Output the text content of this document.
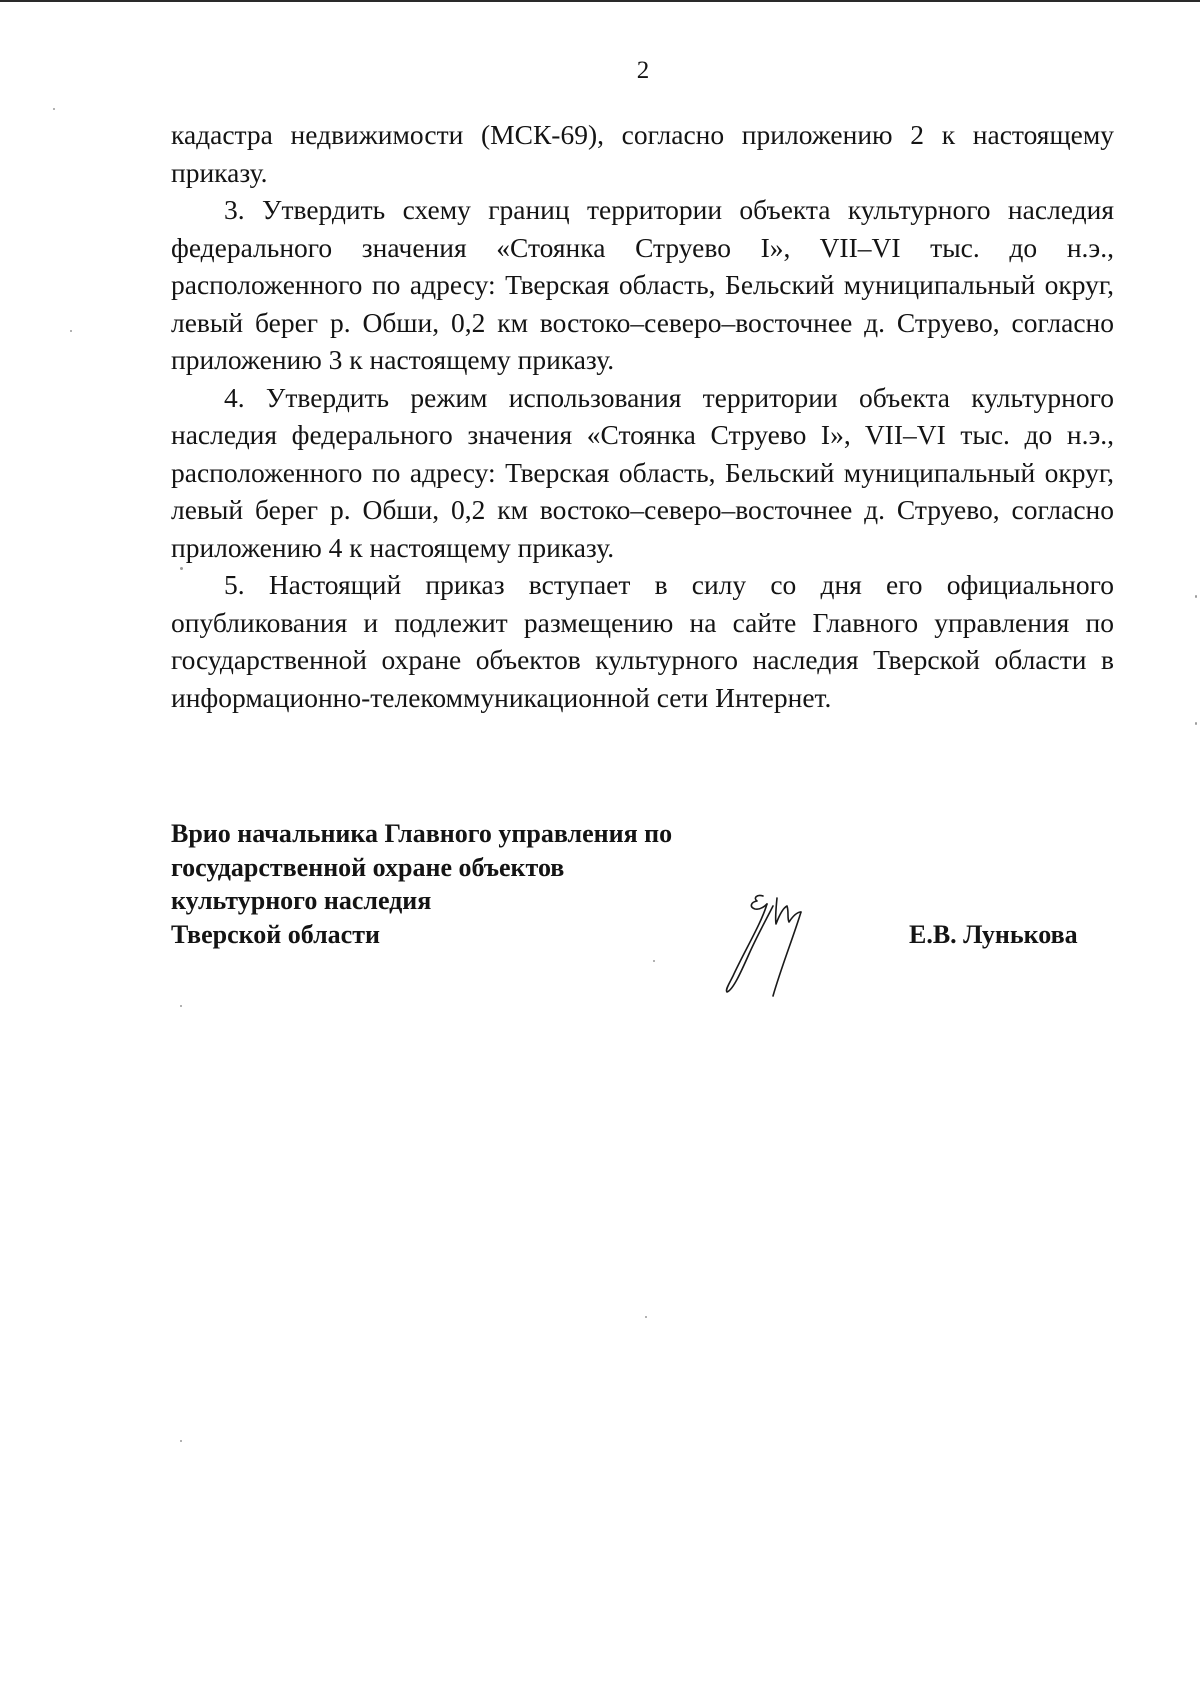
2

кадастра недвижимости (МСК-69), согласно приложению 2 к настоящему приказу.

3. Утвердить схему границ территории объекта культурного наследия федерального значения «Стоянка Струево I», VII–VI тыс. до н.э., расположенного по адресу: Тверская область, Бельский муниципальный округ, левый берег р. Обши, 0,2 км востоко–северо–восточнее д. Струево, согласно приложению 3 к настоящему приказу.

4. Утвердить режим использования территории объекта культурного наследия федерального значения «Стоянка Струево I», VII–VI тыс. до н.э., расположенного по адресу: Тверская область, Бельский муниципальный округ, левый берег р. Обши, 0,2 км востоко–северо–восточнее д. Струево, согласно приложению 4 к настоящему приказу.

5. Настоящий приказ вступает в силу со дня его официального опубликования и подлежит размещению на сайте Главного управления по государственной охране объектов культурного наследия Тверской области в информационно-телекоммуникационной сети Интернет.

Врио начальника Главного управления по
государственной охране объектов
культурного наследия
Тверской области	Е.В. Лунькова
